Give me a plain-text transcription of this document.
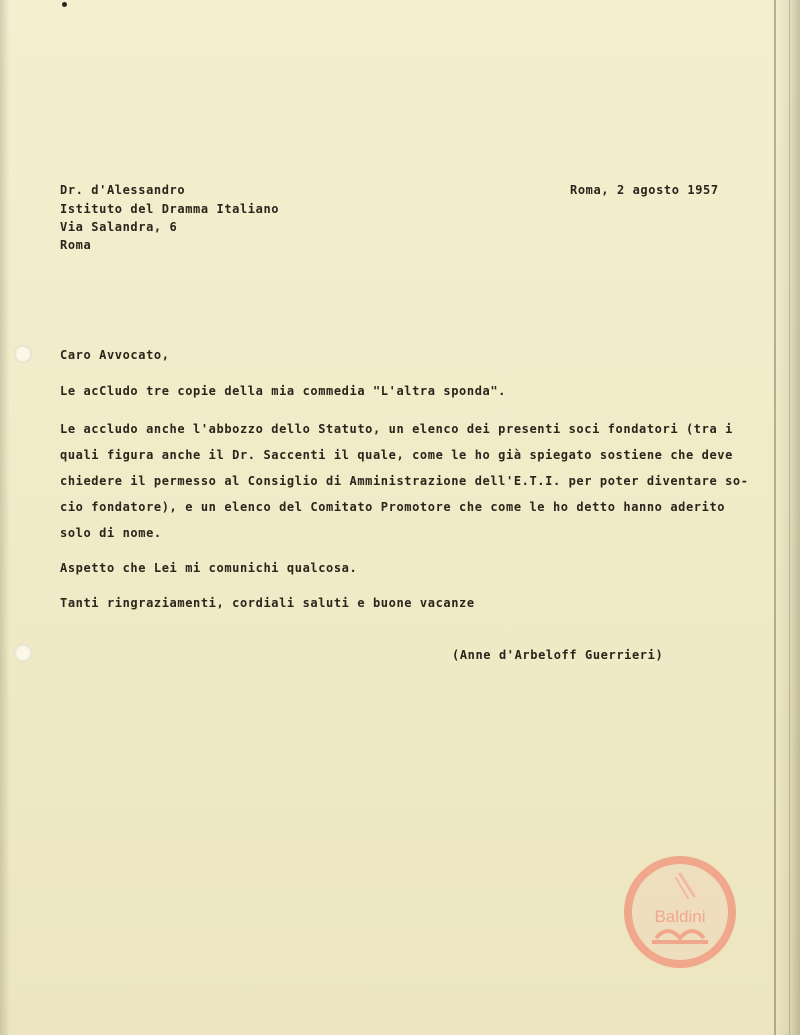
Dr. d'Alessandro
Istituto del Dramma Italiano
Via Salandra, 6
Roma
Roma, 2 agosto 1957
Caro Avvocato,
Le acCludo tre copie della mia commedia "L'altra sponda".
Le accludo anche l'abbozzo dello Statuto, un elenco dei presenti soci fondatori (tra i
quali figura anche il Dr. Saccenti il quale, come le ho già spiegato sostiene che deve
chiedere il permesso al Consiglio di Amministrazione dell'E.T.I. per poter diventare so-
cio fondatore), e un elenco del Comitato Promotore che come le ho detto hanno aderito
solo di nome.
Aspetto che Lei mi comunichi qualcosa.
Tanti ringraziamenti, cordiali saluti e buone vacanze
(Anne d'Arbeloff Guerrieri)
Baldini
